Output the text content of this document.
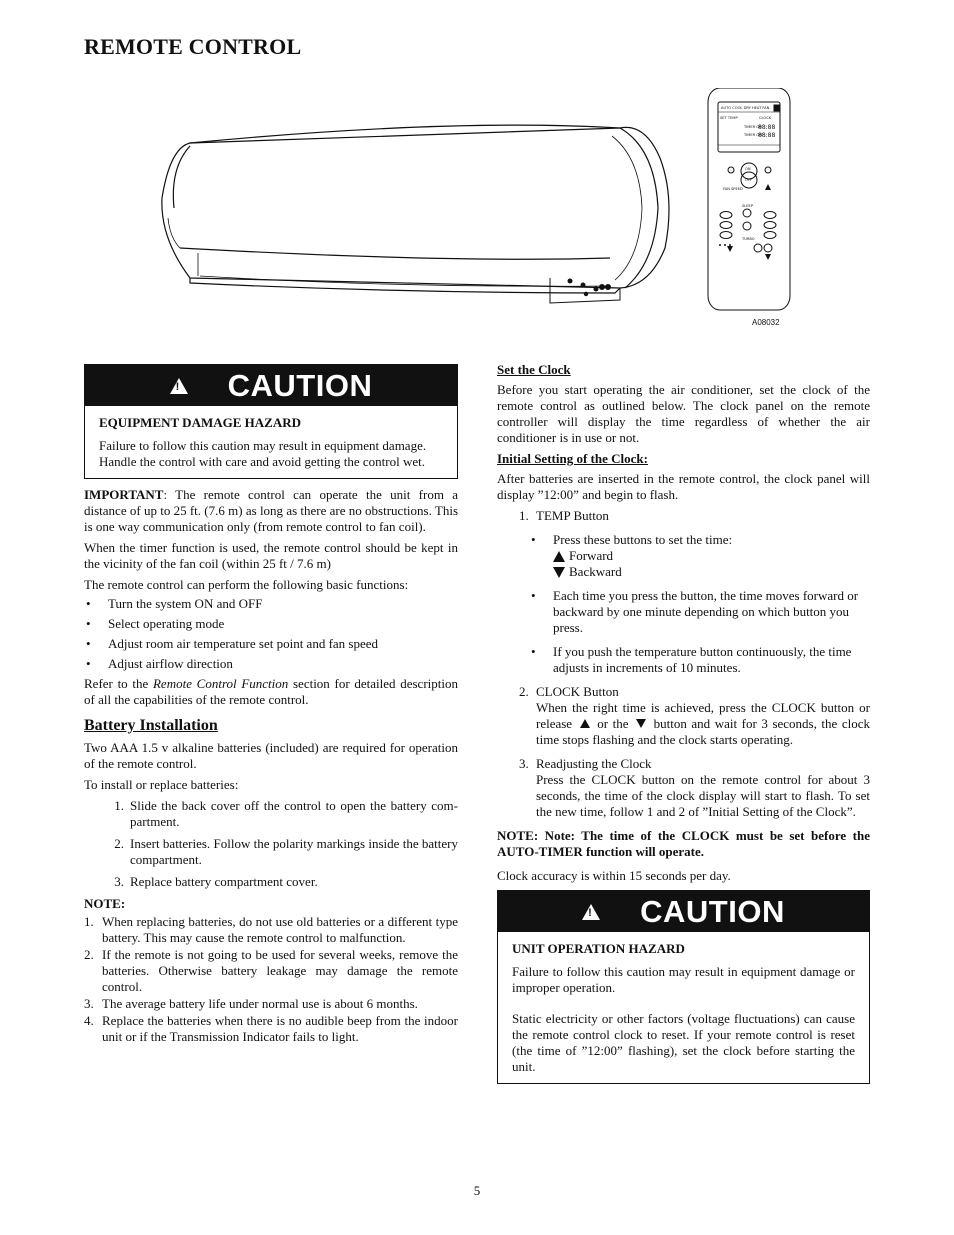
REMOTE CONTROL
AUTO COOL DRY HEAT FAN
SET TEMP	CLOCK
TIMER ON
TIMER OFF
88:88
88:88
ON
OFF
FAN SPEED
SLEEP
TURBO
A08032
! CAUTION
EQUIPMENT DAMAGE HAZARD

Failure to follow this caution may result in equipment damage.

Handle the control with care and avoid getting the control wet.

IMPORTANT: The remote control can operate the unit from a distance of up to 25 ft. (7.6 m) as long as there are no obstructions. This is one way communication only (from remote control to fan coil).

When the timer function is used, the remote control should be kept in the vicinity of the fan coil (within 25 ft / 7.6 m)

The remote control can perform the following basic functions:

•	Turn the system ON and OFF
•	Select operating mode
•	Adjust room air temperature set point and fan speed
•	Adjust airflow direction

Refer to the Remote Control Function section for detailed description of all the capabilities of the remote control.

Battery Installation

Two AAA 1.5 v alkaline batteries (included) are required for operation of the remote control.

To install or replace batteries:

1. Slide the back cover off the control to open the battery com-partment.
2. Insert batteries. Follow the polarity markings inside the battery compartment.
3. Replace battery compartment cover.
NOTE:
1. When replacing batteries, do not use old batteries or a different type battery. This may cause the remote control to malfunction.
2. If the remote is not going to be used for several weeks, remove the batteries. Otherwise battery leakage may damage the remote control.
3. The average battery life under normal use is about 6 months.
4. Replace the batteries when there is no audible beep from the indoor unit or if the Transmission Indicator fails to light.
Set the Clock

Before you start operating the air conditioner, set the clock of the remote control as outlined below. The clock panel on the remote controller will display the time regardless of whether the air conditioner is in use or not.

Initial Setting of the Clock:

After batteries are inserted in the remote control, the clock panel will display ”12:00” and begin to flash.

1. TEMP Button
•	Press these buttons to set the time:
Forward
Backward
•	Each time you press the button, the time moves forward or backward by one minute depending on which button you press.
•	If you push the temperature button continuously, the time adjusts in increments of 10 minutes.
2. CLOCK Button
When the right time is achieved, press the CLOCK button or release or the button and wait for 3 seconds, the clock time stops flashing and the clock starts operating.
3. Readjusting the Clock
Press the CLOCK button on the remote control for about 3 seconds, the time of the clock display will start to flash. To set the new time, follow 1 and 2 of ”Initial Setting of the Clock”.

NOTE: Note: The time of the CLOCK must be set before the AUTO-TIMER function will operate.

Clock accuracy is within 15 seconds per day.

! CAUTION
UNIT OPERATION HAZARD

Failure to follow this caution may result in equipment damage or improper operation.

Static electricity or other factors (voltage fluctuations) can cause the remote control clock to reset. If your remote control is reset (the time of ”12:00” flashing), set the clock before starting the unit.

5
